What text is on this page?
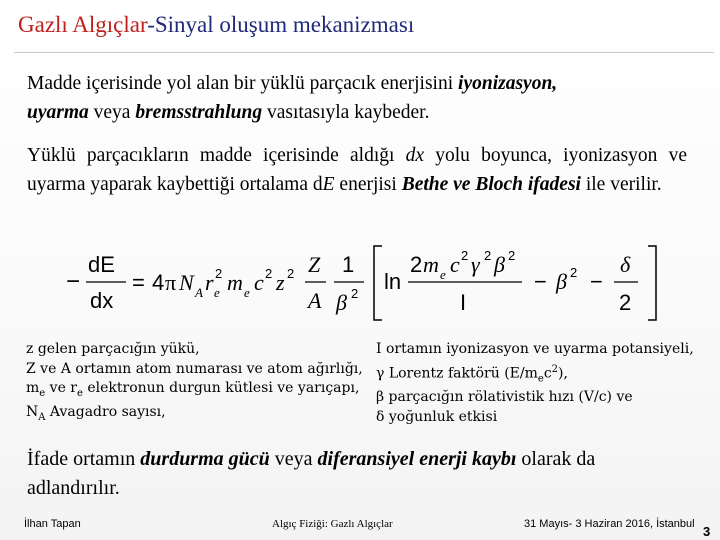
Gazlı Algıçlar-Sinyal oluşum mekanizması
Madde içerisinde yol alan bir yüklü parçacık enerjisini iyonizasyon,
uyarma veya bremsstrahlung vasıtasıyla kaybeder.
Yüklü parçacıkların madde içerisinde aldığı dx yolu boyunca, iyonizasyon ve uyarma yaparak kaybettiği ortalama dE enerjisi Bethe ve Bloch ifadesi ile verilir.
−
dE
dx
= 4 π N A r e
2 m e c 2 z 2 Z
A
1
β 2 ln
2 m e c 2 γ 2 β 2
I
− β 2 −
δ
2
z gelen parçacığın yükü,
Z ve A ortamın atom numarası ve atom ağırlığı,
$m_e$ ve $r_e$ elektronun durgun kütlesi ve yarıçapı,
$N_A$ Avagadro sayısı,
I ortamın iyonizasyon ve uyarma potansiyeli,
γ Lorentz faktörü $(E/m_ec^2)$,
β parçacığın rölativistik hızı (V/c) ve
δ yoğunluk etkisi
İfade ortamın durdurma gücü veya diferansiyel enerji kaybı olarak da adlandırılır.
İlhan Tapan	Algıç Fiziği: Gazlı Algıçlar	31 Mayıs- 3 Haziran 2016, İstanbul 3
